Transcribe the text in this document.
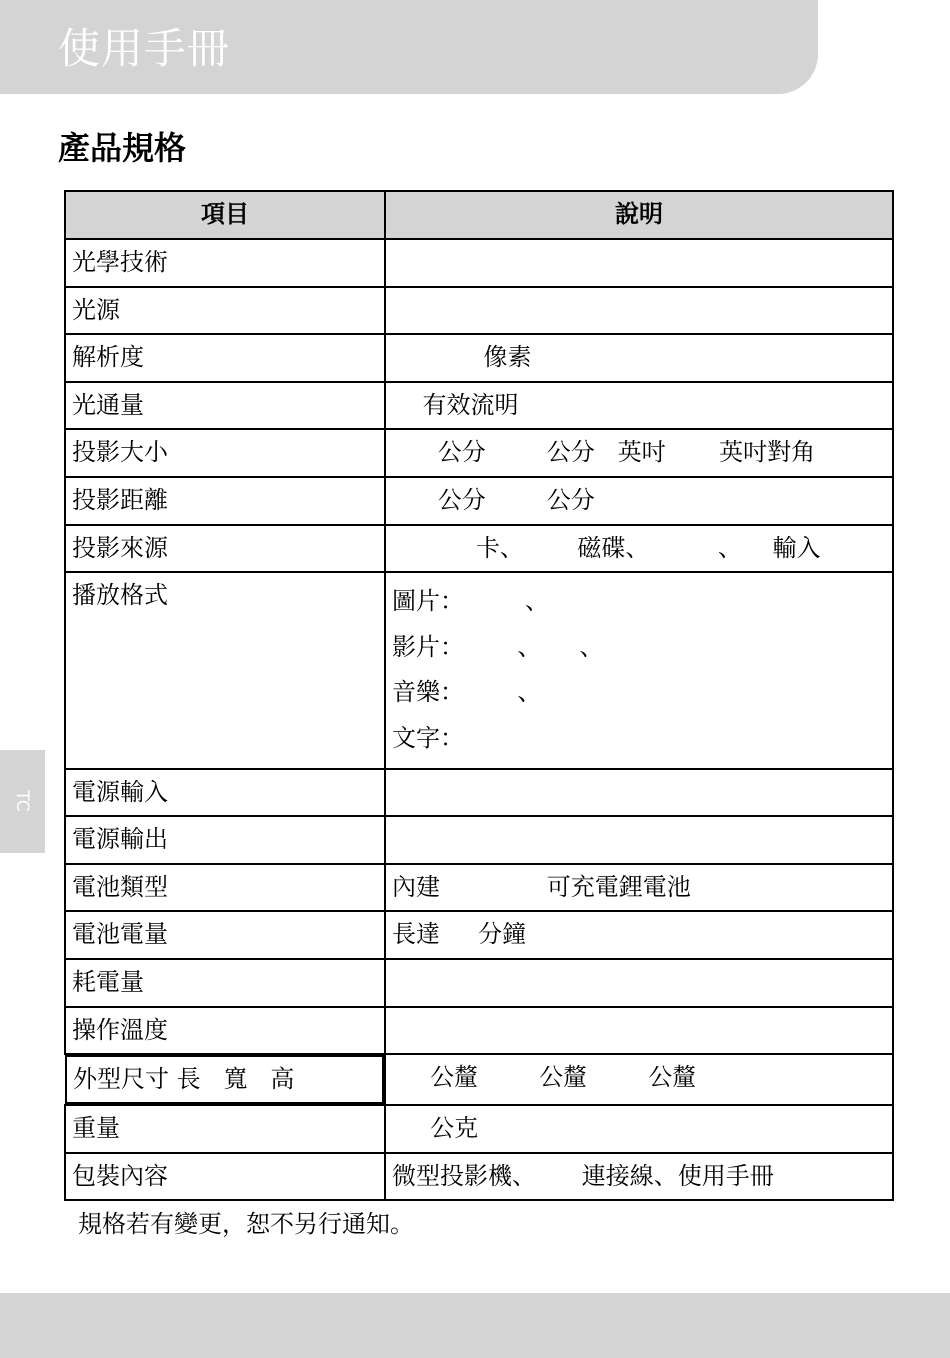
使用手冊
產品規格
TC
項目	說明
光學技術	

光源	

解析度	像素

光通量	有效流明

投影大小	公分        公分   英吋       英吋對角
投影距離	公分        公分

投影來源	卡、       磁碟、         、    輸入

播放格式	圖片：        、
影片：       、     、
音樂：       、
文字：

電源輸入	

電源輸出	

電池類型	內建              可充電鋰電池

電池電量	長達     分鐘

耗電量	

操作溫度	

外型尺寸 長   寬   高	公釐        公釐        公釐

重量	公克

包裝內容	微型投影機、      連接線、使用手冊
規格若有變更，恕不另行通知。
